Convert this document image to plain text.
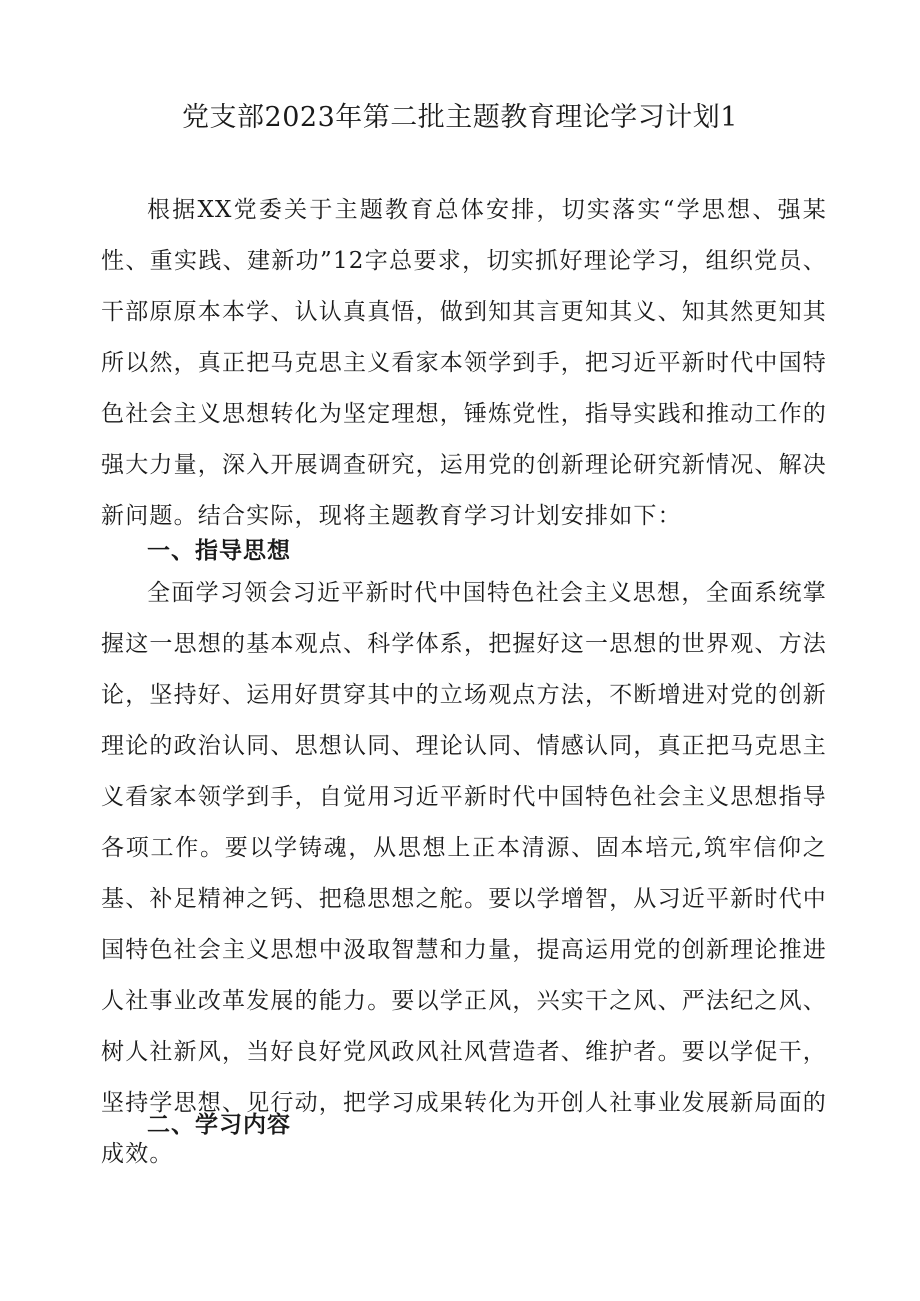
党支部2023年第二批主题教育理论学习计划1

根据XX党委关于主题教育总体安排，切实落实“学思想、强某性、重实践、建新功”12字总要求，切实抓好理论学习，组织党员、干部原原本本学、认认真真悟，做到知其言更知其义、知其然更知其所以然，真正把马克思主义看家本领学到手，把习近平新时代中国特色社会主义思想转化为坚定理想，锤炼党性，指导实践和推动工作的强大力量，深入开展调查研究，运用党的创新理论研究新情况、解决新问题。结合实际，现将主题教育学习计划安排如下：

一、指导思想

全面学习领会习近平新时代中国特色社会主义思想，全面系统掌握这一思想的基本观点、科学体系，把握好这一思想的世界观、方法论，坚持好、运用好贯穿其中的立场观点方法，不断增进对党的创新理论的政治认同、思想认同、理论认同、情感认同，真正把马克思主义看家本领学到手，自觉用习近平新时代中国特色社会主义思想指导各项工作。要以学铸魂，从思想上正本清源、固本培元,筑牢信仰之基、补足精神之钙、把稳思想之舵。要以学增智，从习近平新时代中国特色社会主义思想中汲取智慧和力量，提高运用党的创新理论推进人社事业改革发展的能力。要以学正风，兴实干之风、严法纪之风、树人社新风，当好良好党风政风社风营造者、维护者。要以学促干，坚持学思想、见行动，把学习成果转化为开创人社事业发展新局面的成效。

二、学习内容
